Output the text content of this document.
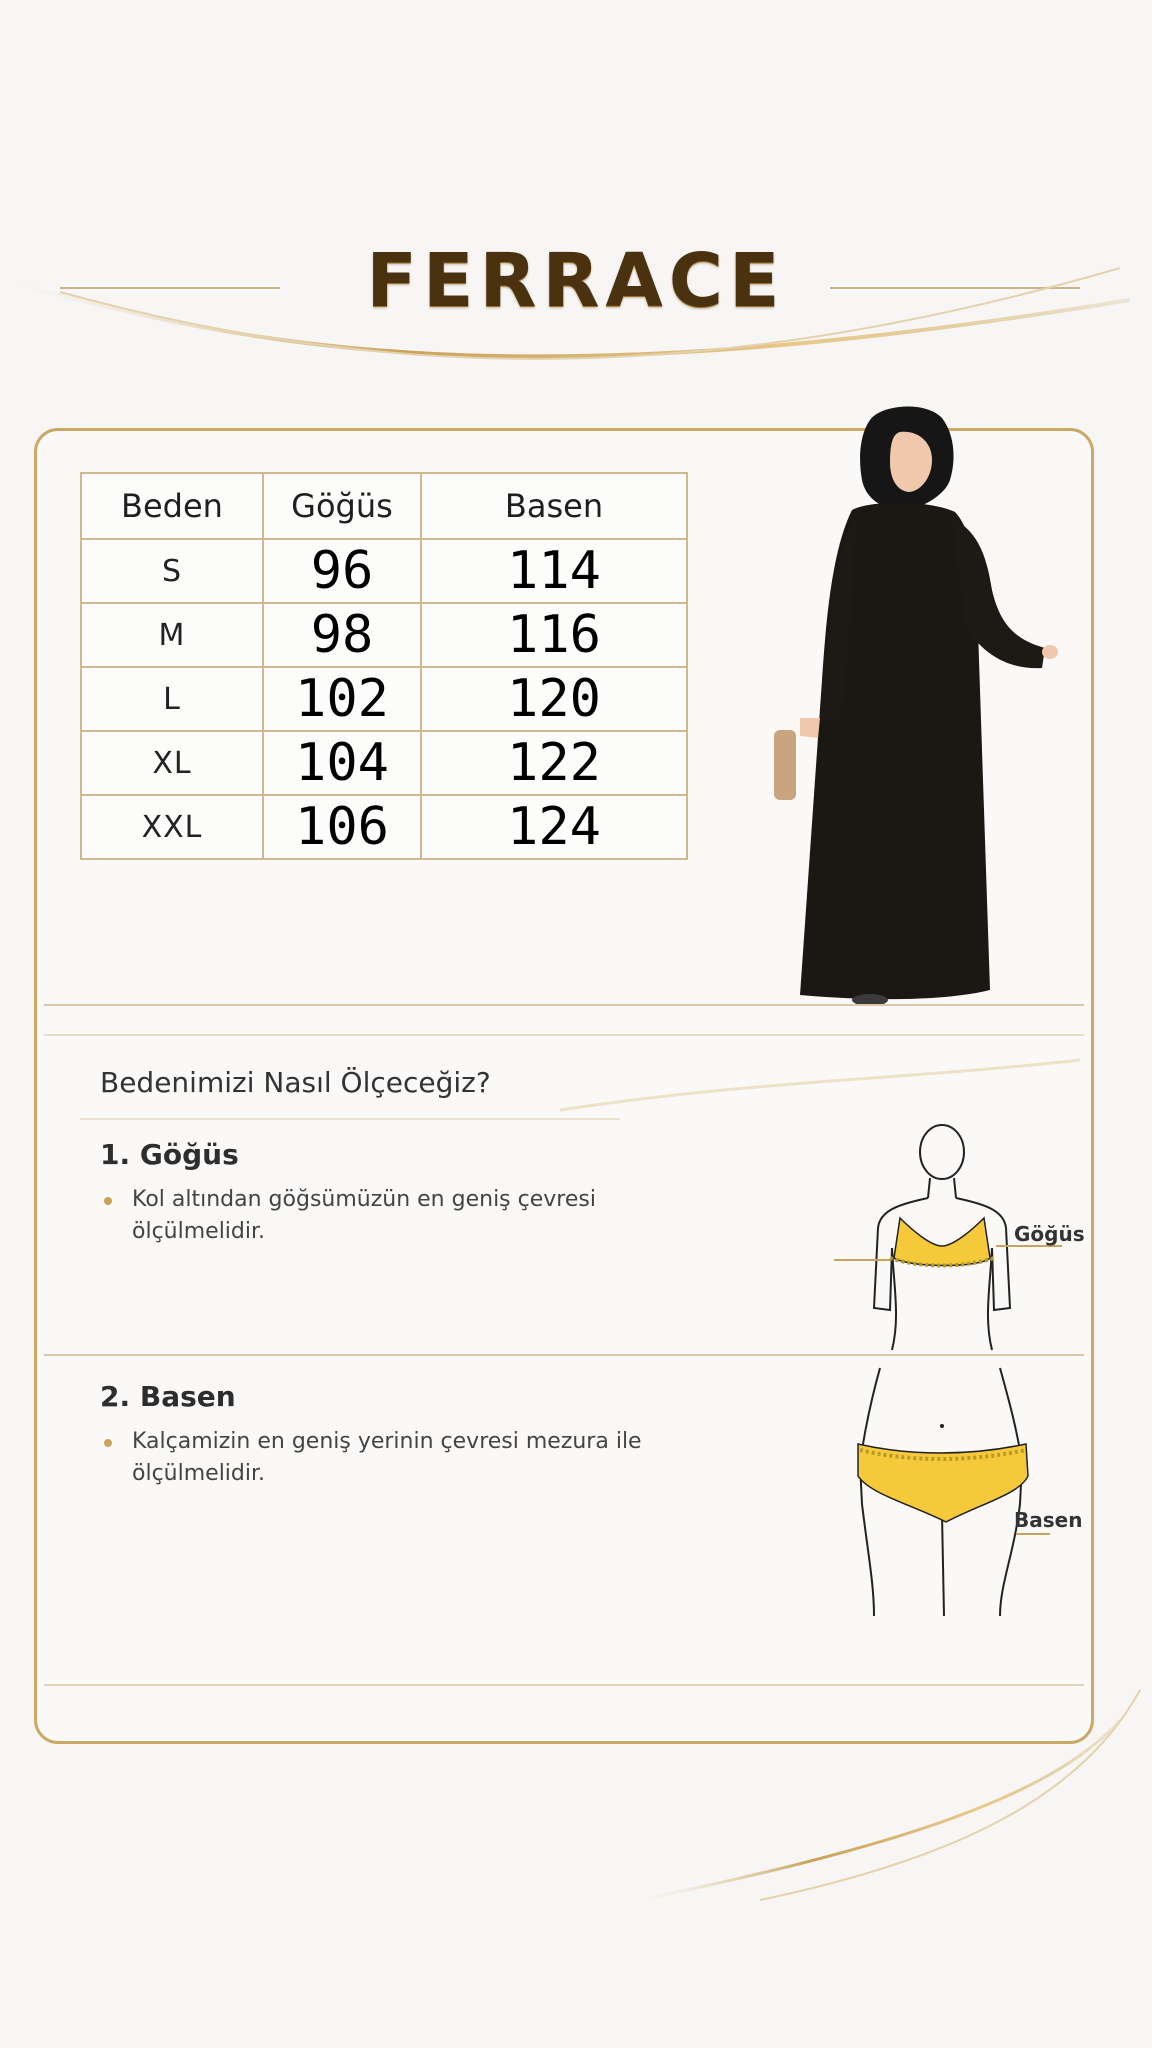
FERRACE
Beden	Göğüs	Basen
S	96	114
M	98	116
L	102	120
XL	104	122
XXL	106	124
Bedenimizi Nasıl Ölçeceğiz?
1. Göğüs
Kol altından göğsümüzün en geniş çevresi ölçülmelidir.
2. Basen
Kalçamizin en geniş yerinin çevresi mezura ile ölçülmelidir.
Göğüs
Basen
